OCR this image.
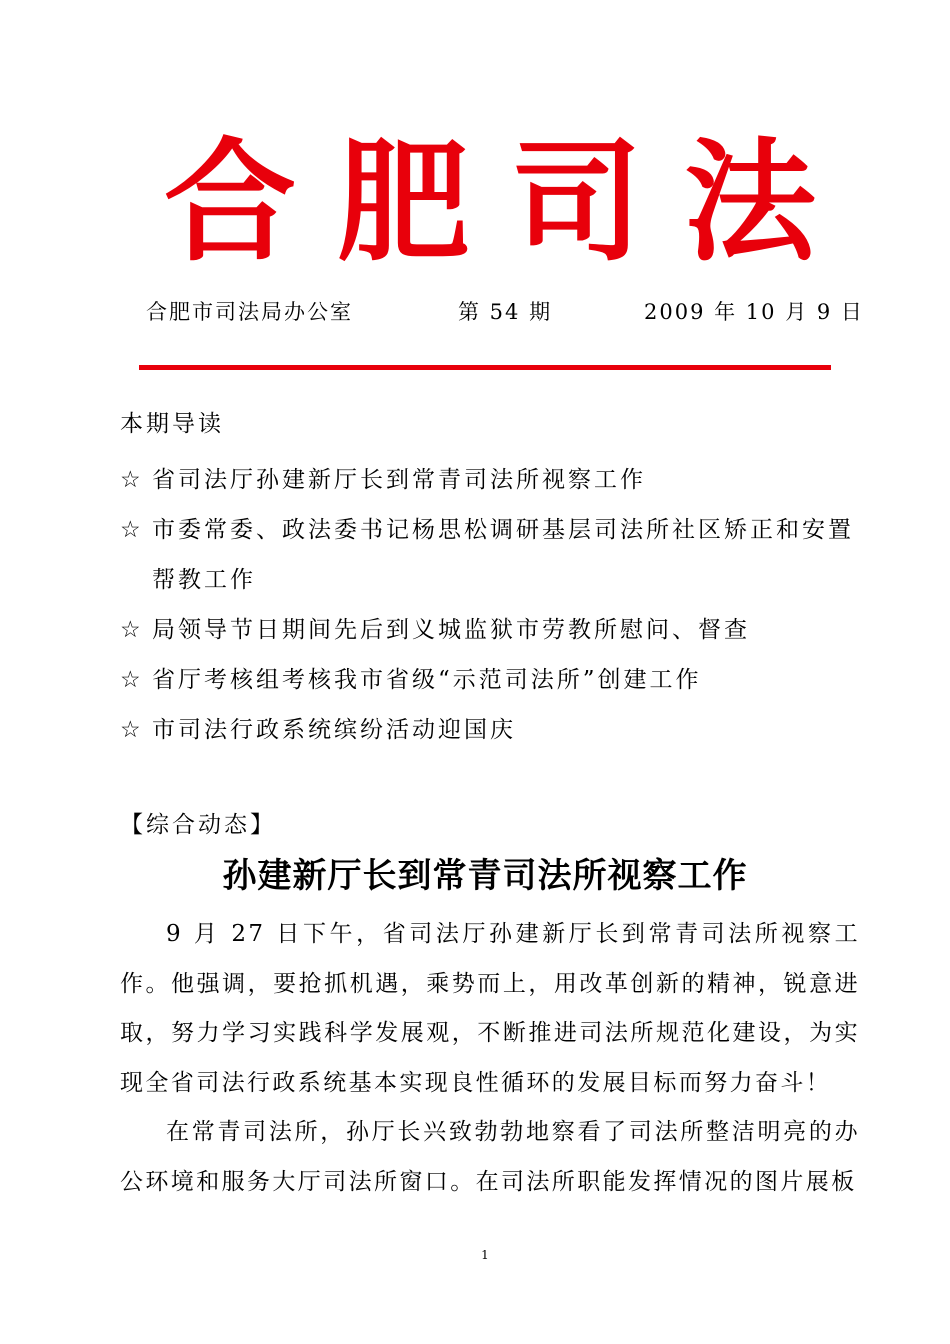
合 肥 司 法
合肥市司法局办公室	第 54 期	2009 年 10 月 9 日
本期导读
☆ 省司法厅孙建新厅长到常青司法所视察工作
☆ 市委常委、政法委书记杨思松调研基层司法所社区矫正和安置帮教工作
☆ 局领导节日期间先后到义城监狱市劳教所慰问、督查
☆ 省厅考核组考核我市省级“示范司法所”创建工作
☆ 市司法行政系统缤纷活动迎国庆
【综合动态】
孙建新厅长到常青司法所视察工作

9 月 27 日下午，省司法厅孙建新厅长到常青司法所视察工作。他强调，要抢抓机遇，乘势而上，用改革创新的精神，锐意进取，努力学习实践科学发展观，不断推进司法所规范化建设，为实现全省司法行政系统基本实现良性循环的发展目标而努力奋斗！

在常青司法所，孙厅长兴致勃勃地察看了司法所整洁明亮的办公环境和服务大厅司法所窗口。在司法所职能发挥情况的图片展板

1
